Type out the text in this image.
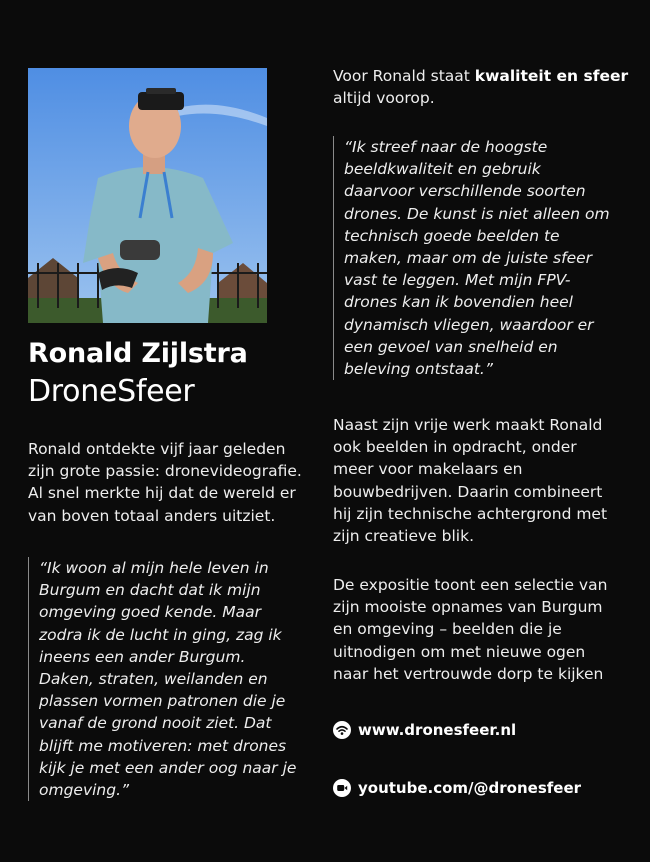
Ronald Zijlstra
DroneSfeer

Ronald ontdekte vijf jaar geleden
zijn grote passie: dronevideografie.
Al snel merkte hij dat de wereld er
van boven totaal anders uitziet.

“Ik woon al mijn hele leven in
Burgum en dacht dat ik mijn
omgeving goed kende. Maar
zodra ik de lucht in ging, zag ik
ineens een ander Burgum.
Daken, straten, weilanden en
plassen vormen patronen die je
vanaf de grond nooit ziet. Dat
blijft me motiveren: met drones
kijk je met een ander oog naar je
omgeving.”

Voor Ronald staat kwaliteit en sfeer
altijd voorop.

“Ik streef naar de hoogste
beeldkwaliteit en gebruik
daarvoor verschillende soorten
drones. De kunst is niet alleen om
technisch goede beelden te
maken, maar om de juiste sfeer
vast te leggen. Met mijn FPV-
drones kan ik bovendien heel
dynamisch vliegen, waardoor er
een gevoel van snelheid en
beleving ontstaat.”

Naast zijn vrije werk maakt Ronald
ook beelden in opdracht, onder
meer voor makelaars en
bouwbedrijven. Daarin combineert
hij zijn technische achtergrond met
zijn creatieve blik.

De expositie toont een selectie van
zijn mooiste opnames van Burgum
en omgeving – beelden die je
uitnodigen om met nieuwe ogen
naar het vertrouwde dorp te kijken

www.dronesfeer.nl
youtube.com/@dronesfeer
